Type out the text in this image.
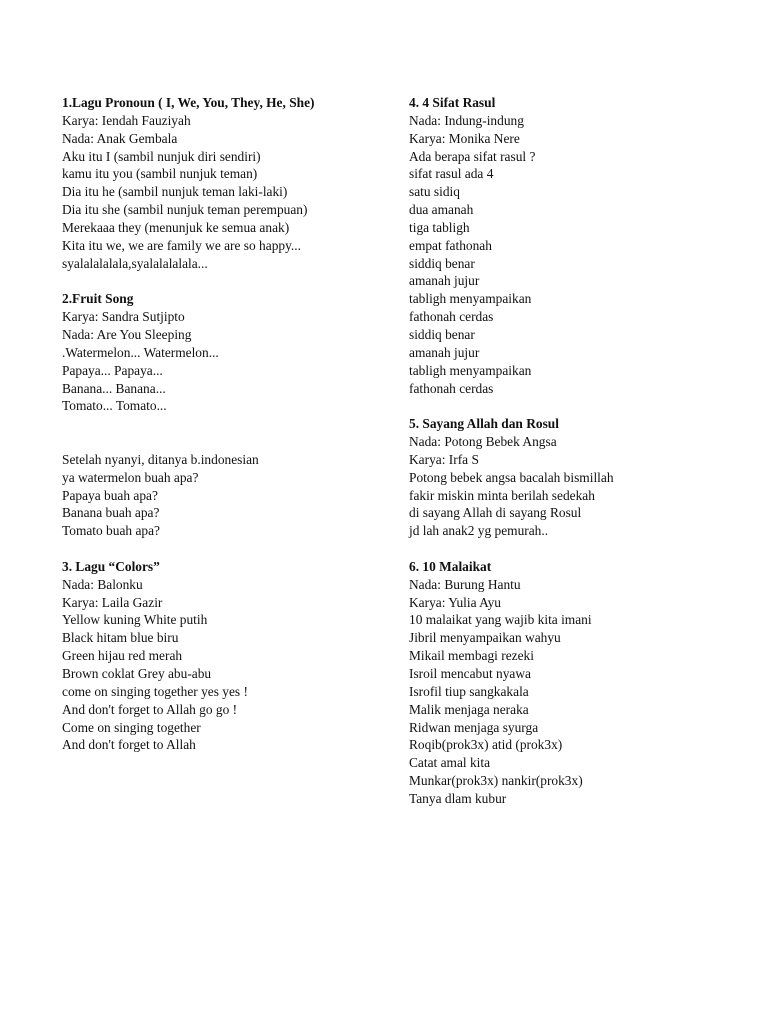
1.Lagu Pronoun ( I, We, You, They, He, She)
Karya: Iendah Fauziyah
Nada: Anak Gembala
Aku itu I (sambil nunjuk diri sendiri)
kamu itu you (sambil nunjuk teman)
Dia itu he (sambil nunjuk teman laki-laki)
Dia itu she (sambil nunjuk teman perempuan)
Merekaaa they (menunjuk ke semua anak)
Kita itu we, we are family we are so happy...
syalalalalala,syalalalalala...
2.Fruit Song
Karya: Sandra Sutjipto
Nada: Are You Sleeping
.Watermelon... Watermelon...
Papaya... Papaya...
Banana... Banana...
Tomato... Tomato...
Setelah nyanyi, ditanya b.indonesian
ya watermelon buah apa?
Papaya buah apa?
Banana buah apa?
Tomato buah apa?
3. Lagu “Colors”
Nada: Balonku
Karya: Laila Gazir
Yellow kuning White putih
Black hitam blue biru
Green hijau red merah
Brown coklat Grey abu-abu
come on singing together yes yes !
And don't forget to Allah go go !
Come on singing together
And don't forget to Allah
4. 4 Sifat Rasul
Nada: Indung-indung
Karya: Monika Nere
Ada berapa sifat rasul ?
sifat rasul ada 4
satu sidiq
dua amanah
tiga tabligh
empat fathonah
siddiq benar
amanah jujur
tabligh menyampaikan
fathonah cerdas
siddiq benar
amanah jujur
tabligh menyampaikan
fathonah cerdas
5. Sayang Allah dan Rosul
Nada: Potong Bebek Angsa
Karya: Irfa S
Potong bebek angsa bacalah bismillah
fakir miskin minta berilah sedekah
di sayang Allah di sayang Rosul
jd lah anak2 yg pemurah..
6. 10 Malaikat
Nada: Burung Hantu
Karya: Yulia Ayu
10 malaikat yang wajib kita imani
Jibril menyampaikan wahyu
Mikail membagi rezeki
Isroil mencabut nyawa
Isrofil tiup sangkakala
Malik menjaga neraka
Ridwan menjaga syurga
Roqib(prok3x) atid (prok3x)
Catat amal kita
Munkar(prok3x) nankir(prok3x)
Tanya dlam kubur
